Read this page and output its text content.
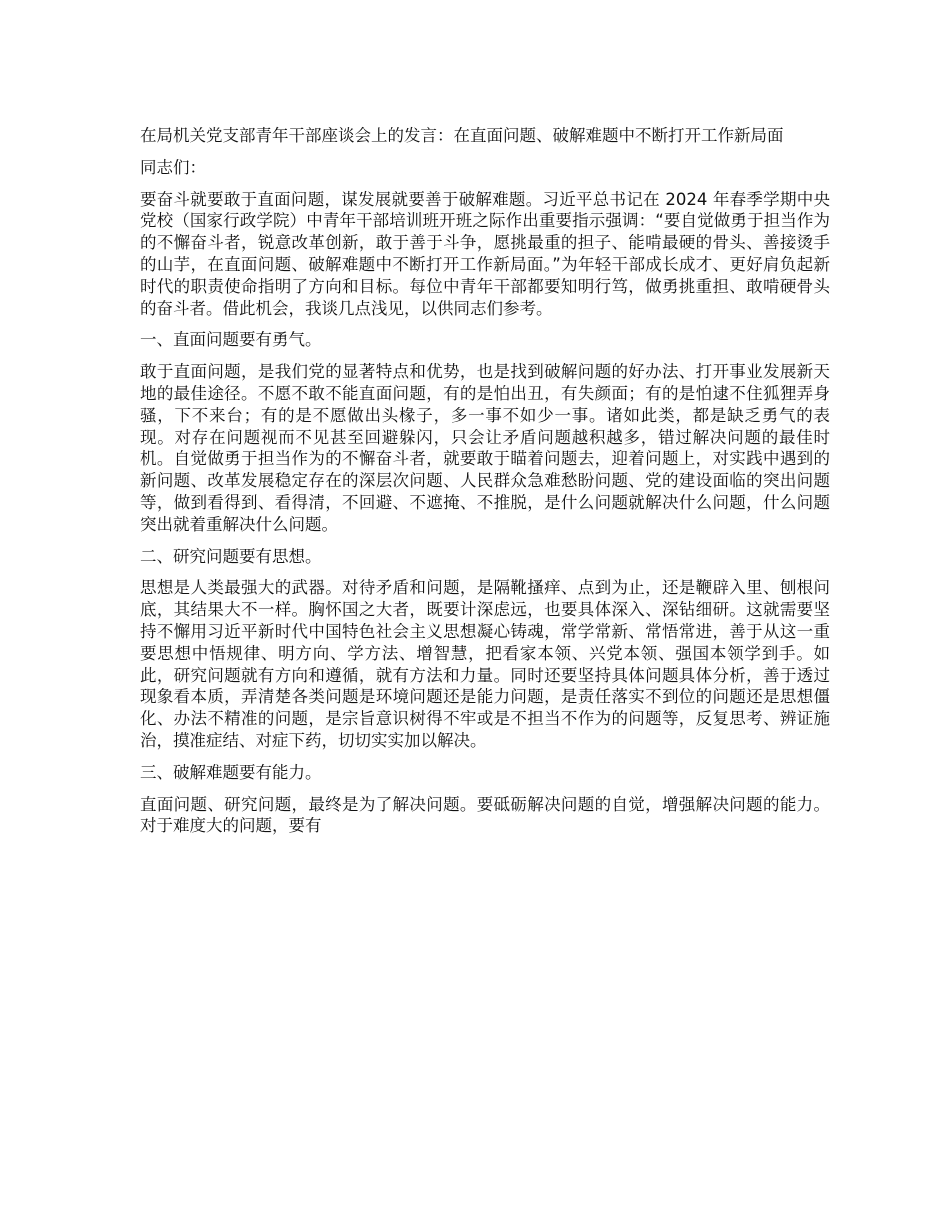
在局机关党支部青年干部座谈会上的发言：在直面问题、破解难题中不断打开工作新局面

同志们：

要奋斗就要敢于直面问题，谋发展就要善于破解难题。习近平总书记在 2024 年春季学期中央党校（国家行政学院）中青年干部培训班开班之际作出重要指示强调：“要自觉做勇于担当作为的不懈奋斗者，锐意改革创新，敢于善于斗争，愿挑最重的担子、能啃最硬的骨头、善接烫手的山芋，在直面问题、破解难题中不断打开工作新局面。”为年轻干部成长成才、更好肩负起新时代的职责使命指明了方向和目标。每位中青年干部都要知明行笃，做勇挑重担、敢啃硬骨头的奋斗者。借此机会，我谈几点浅见，以供同志们参考。

一、直面问题要有勇气。

敢于直面问题，是我们党的显著特点和优势，也是找到破解问题的好办法、打开事业发展新天地的最佳途径。不愿不敢不能直面问题，有的是怕出丑，有失颜面；有的是怕逮不住狐狸弄身骚，下不来台；有的是不愿做出头椽子，多一事不如少一事。诸如此类，都是缺乏勇气的表现。对存在问题视而不见甚至回避躲闪，只会让矛盾问题越积越多，错过解决问题的最佳时机。自觉做勇于担当作为的不懈奋斗者，就要敢于瞄着问题去，迎着问题上，对实践中遇到的新问题、改革发展稳定存在的深层次问题、人民群众急难愁盼问题、党的建设面临的突出问题等，做到看得到、看得清，不回避、不遮掩、不推脱，是什么问题就解决什么问题，什么问题突出就着重解决什么问题。

二、研究问题要有思想。

思想是人类最强大的武器。对待矛盾和问题，是隔靴搔痒、点到为止，还是鞭辟入里、刨根问底，其结果大不一样。胸怀国之大者，既要计深虑远，也要具体深入、深钻细研。这就需要坚持不懈用习近平新时代中国特色社会主义思想凝心铸魂，常学常新、常悟常进，善于从这一重要思想中悟规律、明方向、学方法、增智慧，把看家本领、兴党本领、强国本领学到手。如此，研究问题就有方向和遵循，就有方法和力量。同时还要坚持具体问题具体分析，善于透过现象看本质，弄清楚各类问题是环境问题还是能力问题，是责任落实不到位的问题还是思想僵化、办法不精准的问题，是宗旨意识树得不牢或是不担当不作为的问题等，反复思考、辨证施治，摸准症结、对症下药，切切实实加以解决。

三、破解难题要有能力。

直面问题、研究问题，最终是为了解决问题。要砥砺解决问题的自觉，增强解决问题的能力。对于难度大的问题，要有
